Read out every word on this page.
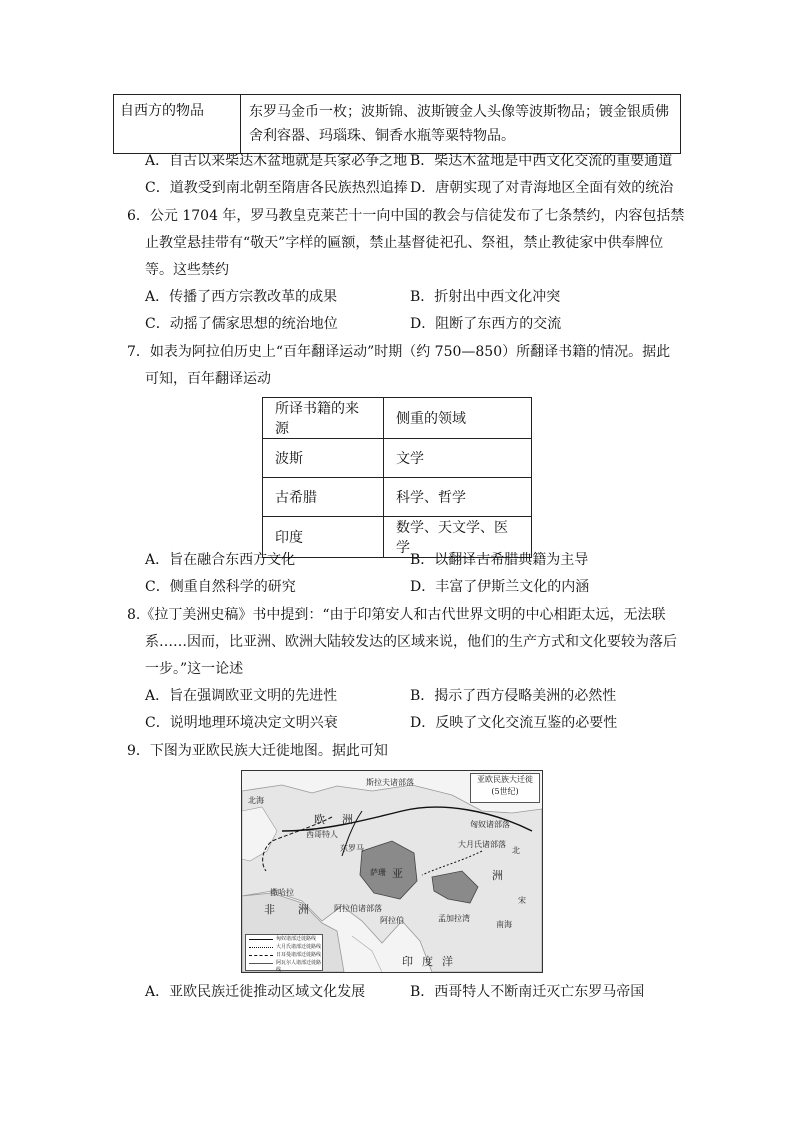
自西方的物品	东罗马金币一枚；波斯锦、波斯镀金人头像等波斯物品；镀金银质佛舍利容器、玛瑙珠、铜香水瓶等粟特物品。
A．自古以来柴达木盆地就是兵家必争之地 B．柴达木盆地是中西文化交流的重要通道
C．道教受到南北朝至隋唐各民族热烈追捧 D．唐朝实现了对青海地区全面有效的统治
6．公元 1704 年，罗马教皇克莱芒十一向中国的教会与信徒发布了七条禁约，内容包括禁
止教堂悬挂带有“敬天”字样的匾额，禁止基督徒祀孔、祭祖，禁止教徒家中供奉牌位
等。这些禁约
A．传播了西方宗教改革的成果	B．折射出中西文化冲突
C．动摇了儒家思想的统治地位	D．阻断了东西方的交流
7．如表为阿拉伯历史上“百年翻译运动”时期（约 750—850）所翻译书籍的情况。据此
可知，百年翻译运动
所译书籍的来源	侧重的领域
波斯	文学
古希腊	科学、哲学
印度	数学、天文学、医学
A．旨在融合东西方文化	B．以翻译古希腊典籍为主导
C．侧重自然科学的研究	D．丰富了伊斯兰文化的内涵
8.《拉丁美洲史稿》书中提到：“由于印第安人和古代世界文明的中心相距太远，无法联
系……因而，比亚洲、欧洲大陆较发达的区域来说，他们的生产方式和文化要较为落后
一步。”这一论述
A．旨在强调欧亚文明的先进性	B．揭示了西方侵略美洲的必然性
C．说明地理环境决定文明兴衰	D．反映了文化交流互鉴的必要性
9．下图为亚欧民族大迁徙地图。据此可知
亚欧民族大迁徙
(5世纪)
斯拉夫诸部落
北海
欧 洲
西哥特人
东罗马
匈奴诸部落
大月氏诸部落
北
亚	洲
宋
萨珊
非 洲
撒哈拉
阿拉伯诸部落
阿拉伯	孟加拉湾
南海
印 度 洋
匈奴诸部迁徙路线
大月氏诸部迁徙路线
日耳曼诸部迁徙路线
阿瓦尔人诸部迁徙路线
A．亚欧民族迁徙推动区域文化发展	B．西哥特人不断南迁灭亡东罗马帝国
